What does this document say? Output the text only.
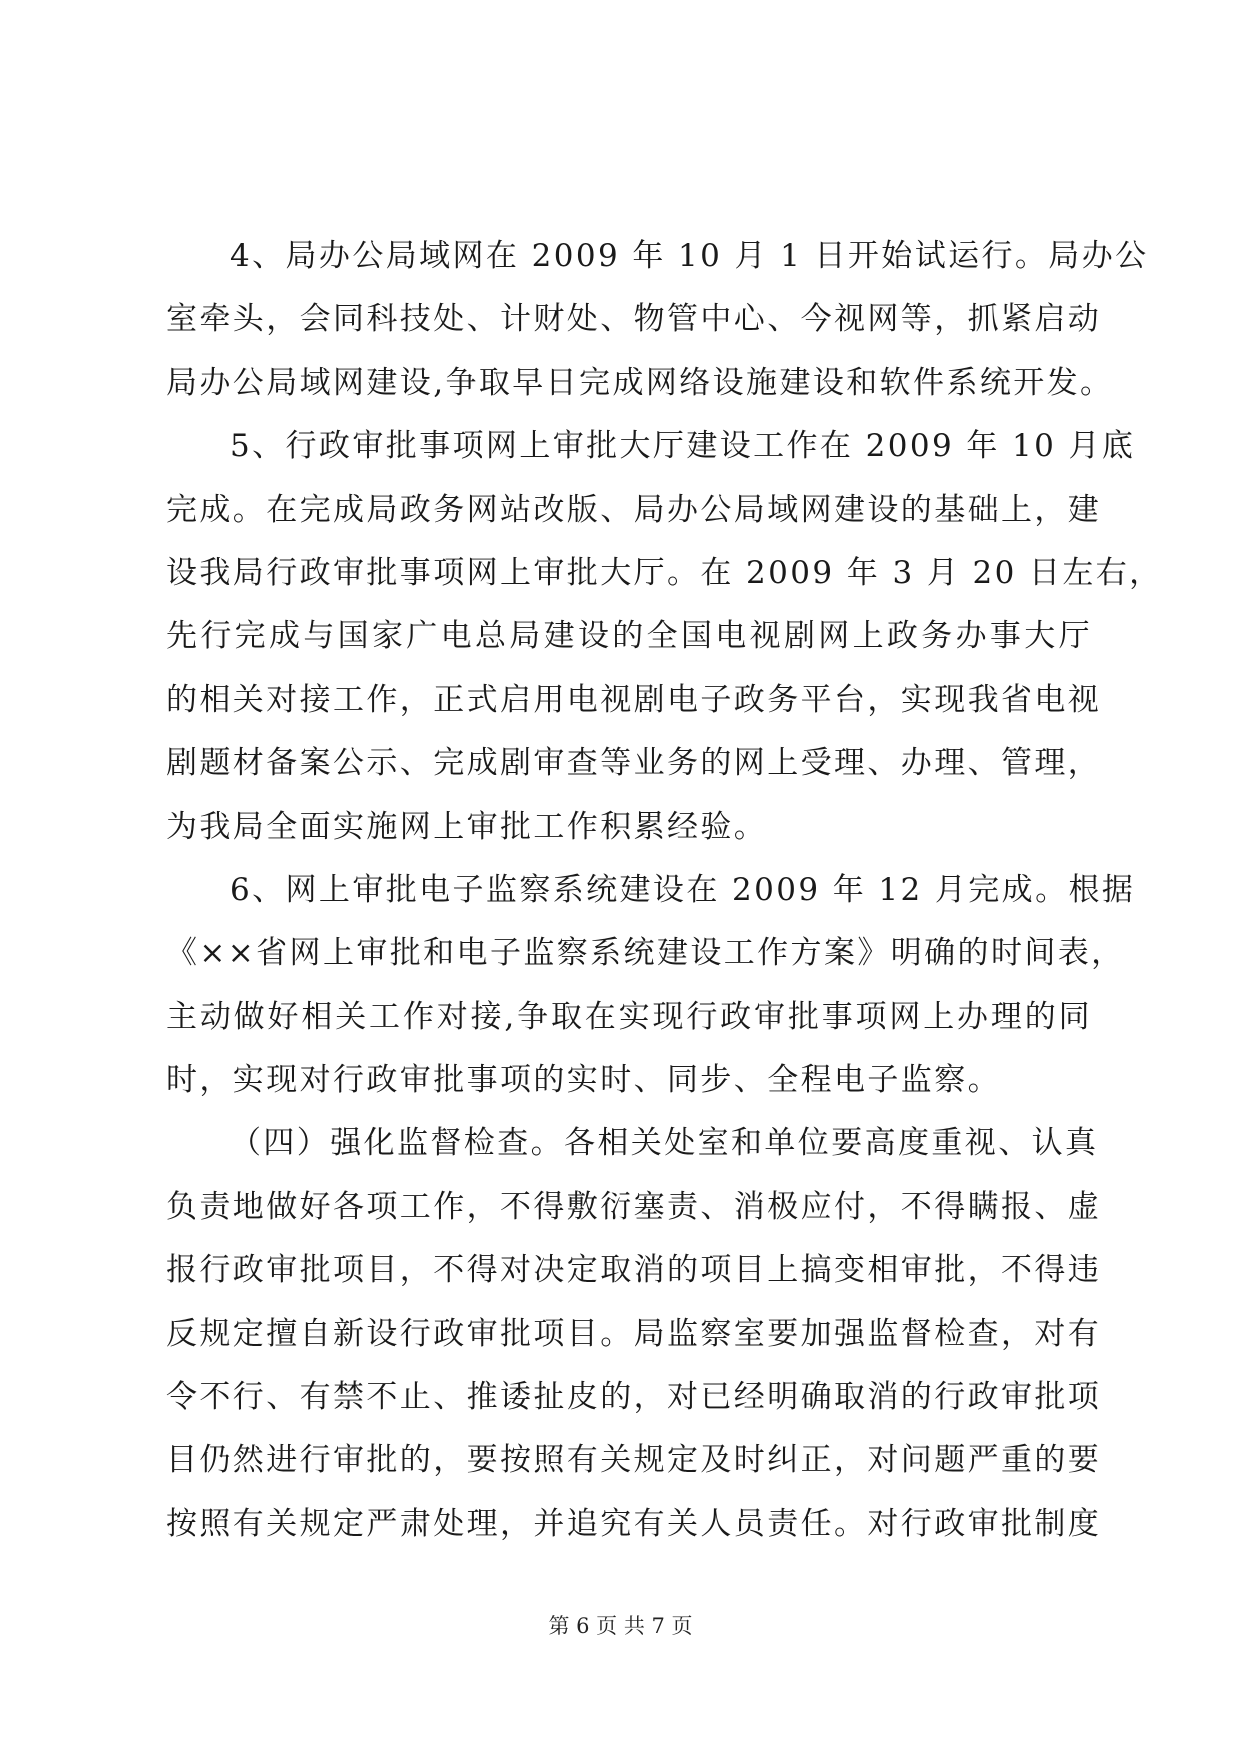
4、局办公局域网在 2009 年 10 月 1 日开始试运行。局办公
室牵头，会同科技处、计财处、物管中心、今视网等，抓紧启动
局办公局域网建设,争取早日完成网络设施建设和软件系统开发。
5、行政审批事项网上审批大厅建设工作在 2009 年 10 月底
完成。在完成局政务网站改版、局办公局域网建设的基础上，建
设我局行政审批事项网上审批大厅。在 2009 年 3 月 20 日左右，
先行完成与国家广电总局建设的全国电视剧网上政务办事大厅
的相关对接工作，正式启用电视剧电子政务平台，实现我省电视
剧题材备案公示、完成剧审查等业务的网上受理、办理、管理，
为我局全面实施网上审批工作积累经验。
6、网上审批电子监察系统建设在 2009 年 12 月完成。根据
《××省网上审批和电子监察系统建设工作方案》明确的时间表，
主动做好相关工作对接,争取在实现行政审批事项网上办理的同
时，实现对行政审批事项的实时、同步、全程电子监察。
（四）强化监督检查。各相关处室和单位要高度重视、认真
负责地做好各项工作，不得敷衍塞责、消极应付，不得瞒报、虚
报行政审批项目，不得对决定取消的项目上搞变相审批，不得违
反规定擅自新设行政审批项目。局监察室要加强监督检查，对有
令不行、有禁不止、推诿扯皮的，对已经明确取消的行政审批项
目仍然进行审批的，要按照有关规定及时纠正，对问题严重的要
按照有关规定严肃处理，并追究有关人员责任。对行政审批制度
第 6 页 共 7 页
